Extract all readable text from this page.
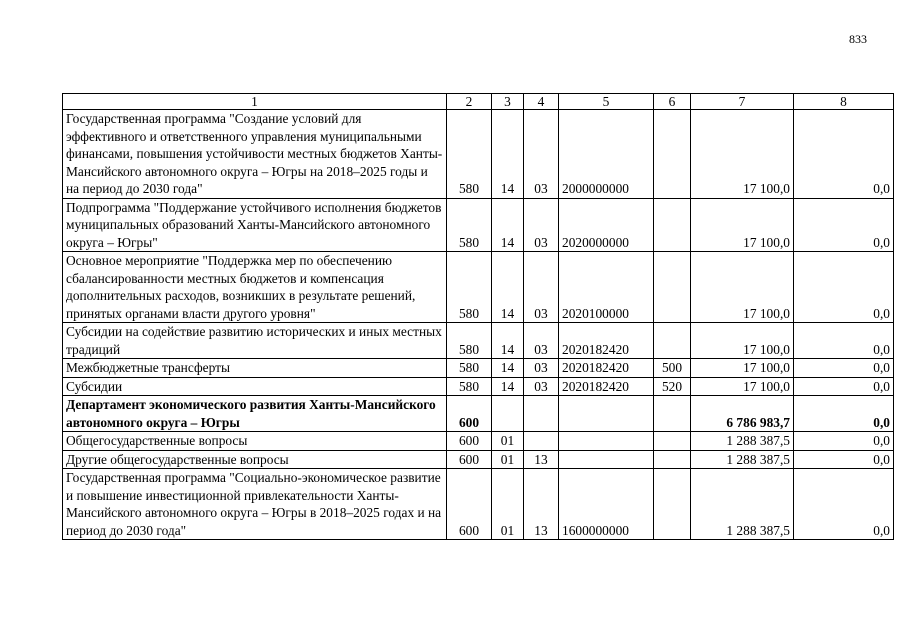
833
1	2	3	4	5	6	7	8
Государственная программа "Создание условий для эффективного и ответственного управления муниципальными финансами, повышения устойчивости местных бюджетов Ханты-Мансийского автономного округа – Югры на 2018–2025 годы и на период до 2030 года"	580	14	03	2000000000		17 100,0	0,0
Подпрограмма "Поддержание устойчивого исполнения бюджетов муниципальных образований Ханты-Мансийского автономного округа – Югры"	580	14	03	2020000000		17 100,0	0,0
Основное мероприятие "Поддержка мер по обеспечению сбалансированности местных бюджетов и компенсация дополнительных расходов, возникших в результате решений, принятых органами власти другого уровня"	580	14	03	2020100000		17 100,0	0,0
Субсидии на содействие развитию исторических и иных местных традиций	580	14	03	2020182420		17 100,0	0,0
Межбюджетные трансферты	580	14	03	2020182420	500	17 100,0	0,0
Субсидии	580	14	03	2020182420	520	17 100,0	0,0
Департамент экономического развития Ханты-Мансийского автономного округа – Югры	600					6 786 983,7	0,0
Общегосударственные вопросы	600	01				1 288 387,5	0,0
Другие общегосударственные вопросы	600	01	13			1 288 387,5	0,0
Государственная программа "Социально-экономическое развитие и повышение инвестиционной привлекательности Ханты-Мансийского автономного округа – Югры в 2018–2025 годах и на период до 2030 года"	600	01	13	1600000000		1 288 387,5	0,0
